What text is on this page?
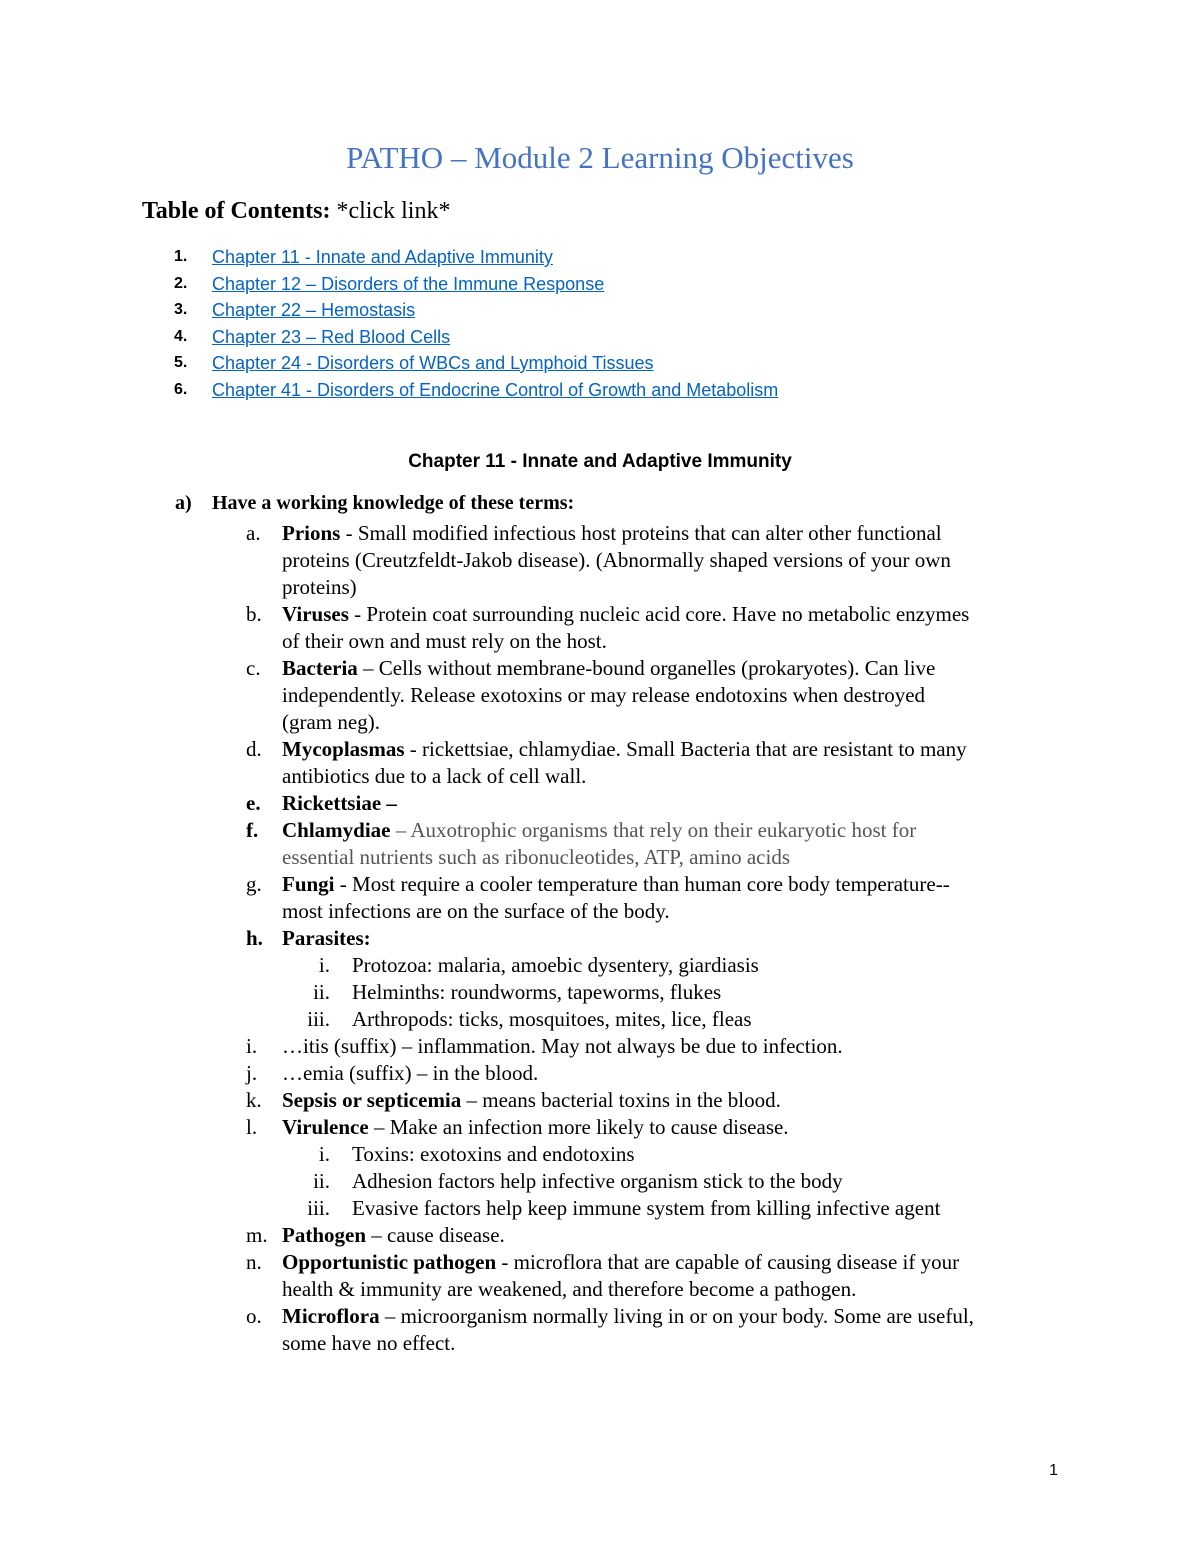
PATHO – Module 2 Learning Objectives
Table of Contents: *click link*
1.	Chapter 11 - Innate and Adaptive Immunity
2.	Chapter 12 – Disorders of the Immune Response
3.	Chapter 22 – Hemostasis
4.	Chapter 23 – Red Blood Cells
5.	Chapter 24 - Disorders of WBCs and Lymphoid Tissues
6.	Chapter 41 - Disorders of Endocrine Control of Growth and Metabolism
Chapter 11 - Innate and Adaptive Immunity
a) Have a working knowledge of these terms:
a. Prions - Small modified infectious host proteins that can alter other functional
proteins (Creutzfeldt-Jakob disease). (Abnormally shaped versions of your own
proteins)
b. Viruses - Protein coat surrounding nucleic acid core. Have no metabolic enzymes
of their own and must rely on the host.
c. Bacteria – Cells without membrane-bound organelles (prokaryotes). Can live
independently. Release exotoxins or may release endotoxins when destroyed
(gram neg).
d. Mycoplasmas - rickettsiae, chlamydiae. Small Bacteria that are resistant to many
antibiotics due to a lack of cell wall.
e. Rickettsiae –
f. Chlamydiae – Auxotrophic organisms that rely on their eukaryotic host for
essential nutrients such as ribonucleotides, ATP, amino acids
g. Fungi - Most require a cooler temperature than human core body temperature--
most infections are on the surface of the body.
h. Parasites:
i. Protozoa: malaria, amoebic dysentery, giardiasis
ii. Helminths: roundworms, tapeworms, flukes
iii. Arthropods: ticks, mosquitoes, mites, lice, fleas
i. …itis (suffix) – inflammation. May not always be due to infection.
j. …emia (suffix) – in the blood.
k. Sepsis or septicemia – means bacterial toxins in the blood.
l. Virulence – Make an infection more likely to cause disease.
i. Toxins: exotoxins and endotoxins
ii. Adhesion factors help infective organism stick to the body
iii. Evasive factors help keep immune system from killing infective agent
m. Pathogen – cause disease.
n. Opportunistic pathogen - microflora that are capable of causing disease if your
health & immunity are weakened, and therefore become a pathogen.
o. Microflora – microorganism normally living in or on your body. Some are useful,
some have no effect.
1
